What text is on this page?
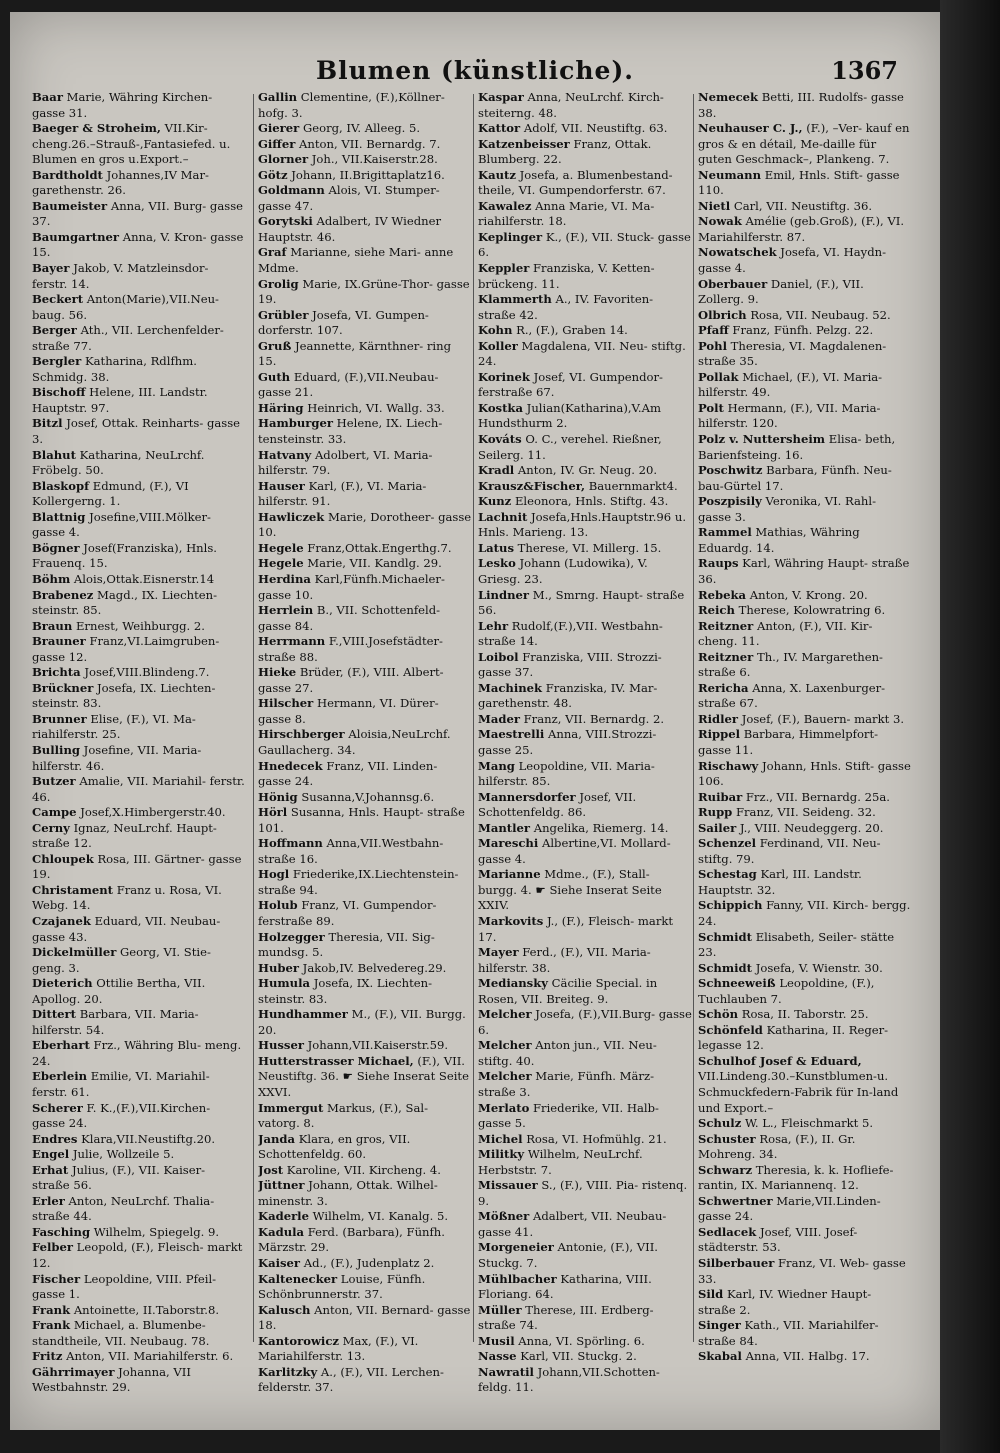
Blumen (künstliche).	1367
Baar Marie, Währing Kirchen- gasse 31.
Baeger & Stroheim, VII.Kir- cheng.26.–Strauß-,Fantasiefed. u. Blumen en gros u.Export.–
Bardtholdt Johannes,IV Mar- garethenstr. 26.
Baumeister Anna, VII. Burg- gasse 37.
Baumgartner Anna, V. Kron- gasse 15.
Bayer Jakob, V. Matzleinsdor- ferstr. 14.
Beckert Anton(Marie),VII.Neu- baug. 56.
Berger Ath., VII. Lerchenfelder- straße 77.
Bergler Katharina, Rdlfhm. Schmidg. 38.
Bischoff Helene, III. Landstr. Hauptstr. 97.
Bitzl Josef, Ottak. Reinharts- gasse 3.
Blahut Katharina, NeuLrchf. Fröbelg. 50.
Blaskopf Edmund, (F.), VI Kollergerng. 1.
Blattnig Josefine,VIII.Mölker- gasse 4.
Bögner Josef(Franziska), Hnls. Frauenq. 15.
Böhm Alois,Ottak.Eisnerstr.14
Brabenez Magd., IX. Liechten- steinstr. 85.
Braun Ernest, Weihburgg. 2.
Brauner Franz,VI.Laimgruben- gasse 12.
Brichta Josef,VIII.Blindeng.7.
Brückner Josefa, IX. Liechten- steinstr. 83.
Brunner Elise, (F.), VI. Ma- riahilferstr. 25.
Bulling Josefine, VII. Maria- hilferstr. 46.
Butzer Amalie, VII. Mariahil- ferstr. 46.
Campe Josef,X.Himbergerstr.40.
Cerny Ignaz, NeuLrchf. Haupt- straße 12.
Chloupek Rosa, III. Gärtner- gasse 19.
Christament Franz u. Rosa, VI. Webg. 14.
Czajanek Eduard, VII. Neubau- gasse 43.
Dickelmüller Georg, VI. Stie- geng. 3.
Dieterich Ottilie Bertha, VII. Apollog. 20.
Dittert Barbara, VII. Maria- hilferstr. 54.
Eberhart Frz., Währing Blu- meng. 24.
Eberlein Emilie, VI. Mariahil- ferstr. 61.
Scherer F. K.,(F.),VII.Kirchen- gasse 24.
Endres Klara,VII.Neustiftg.20.
Engel Julie, Wollzeile 5.
Erhat Julius, (F.), VII. Kaiser- straße 56.
Erler Anton, NeuLrchf. Thalia- straße 44.
Fasching Wilhelm, Spiegelg. 9.
Felber Leopold, (F.), Fleisch- markt 12.
Fischer Leopoldine, VIII. Pfeil- gasse 1.
Frank Antoinette, II.Taborstr.8.
Frank Michael, a. Blumenbe- standtheile, VII. Neubaug. 78.
Fritz Anton, VII. Mariahilferstr. 6.
Gährrimayer Johanna, VII Westbahnstr. 29.
Gallin Clementine, (F.),Köllner- hofg. 3.
Gierer Georg, IV. Alleeg. 5.
Giffer Anton, VII. Bernardg. 7.
Glorner Joh., VII.Kaiserstr.28.
Götz Johann, II.Brigittaplatz16.
Goldmann Alois, VI. Stumper- gasse 47.
Gorytski Adalbert, IV Wiedner Hauptstr. 46.
Graf Marianne, siehe Mari- anne Mdme.
Grolig Marie, IX.Grüne-Thor- gasse 19.
Grübler Josefa, VI. Gumpen- dorferstr. 107.
Gruß Jeannette, Kärnthner- ring 15.
Guth Eduard, (F.),VII.Neubau- gasse 21.
Häring Heinrich, VI. Wallg. 33.
Hamburger Helene, IX. Liech- tensteinstr. 33.
Hatvany Adolbert, VI. Maria- hilferstr. 79.
Hauser Karl, (F.), VI. Maria- hilferstr. 91.
Hawliczek Marie, Dorotheer- gasse 10.
Hegele Franz,Ottak.Engerthg.7.
Hegele Marie, VII. Kandlg. 29.
Herdina Karl,Fünfh.Michaeler- gasse 10.
Herrlein B., VII. Schottenfeld- gasse 84.
Herrmann F.,VIII.Josefstädter- straße 88.
Hieke Brüder, (F.), VIII. Albert- gasse 27.
Hilscher Hermann, VI. Dürer- gasse 8.
Hirschberger Aloisia,NeuLrchf. Gaullacherg. 34.
Hnedecek Franz, VII. Linden- gasse 24.
Hönig Susanna,V.Johannsg.6.
Hörl Susanna, Hnls. Haupt- straße 101.
Hoffmann Anna,VII.Westbahn- straße 16.
Hogl Friederike,IX.Liechtenstein- straße 94.
Holub Franz, VI. Gumpendor- ferstraße 89.
Holzegger Theresia, VII. Sig- mundsg. 5.
Huber Jakob,IV. Belvedereg.29.
Humula Josefa, IX. Liechten- steinstr. 83.
Hundhammer M., (F.), VII. Burgg. 20.
Husser Johann,VII.Kaiserstr.59.
Hutterstrasser Michael, (F.), VII. Neustiftg. 36. ☛ Siehe Inserat Seite XXVI.
Immergut Markus, (F.), Sal- vatorg. 8.
Janda Klara, en gros, VII. Schottenfeldg. 60.
Jost Karoline, VII. Kircheng. 4.
Jüttner Johann, Ottak. Wilhel- minenstr. 3.
Kaderle Wilhelm, VI. Kanalg. 5.
Kadula Ferd. (Barbara), Fünfh. Märzstr. 29.
Kaiser Ad., (F.), Judenplatz 2.
Kaltenecker Louise, Fünfh. Schönbrunnerstr. 37.
Kalusch Anton, VII. Bernard- gasse 18.
Kantorowicz Max, (F.), VI. Mariahilferstr. 13.
Karlitzky A., (F.), VII. Lerchen- felderstr. 37.
Kaspar Anna, NeuLrchf. Kirch- steiterng. 48.
Kattor Adolf, VII. Neustiftg. 63.
Katzenbeisser Franz, Ottak. Blumberg. 22.
Kautz Josefa, a. Blumenbestand- theile, VI. Gumpendorferstr. 67.
Kawalez Anna Marie, VI. Ma- riahilferstr. 18.
Keplinger K., (F.), VII. Stuck- gasse 6.
Keppler Franziska, V. Ketten- brückeng. 11.
Klammerth A., IV. Favoriten- straße 42.
Kohn R., (F.), Graben 14.
Koller Magdalena, VII. Neu- stiftg. 24.
Korinek Josef, VI. Gumpendor- ferstraße 67.
Kostka Julian(Katharina),V.Am Hundsthurm 2.
Kováts O. C., verehel. Rießner, Seilerg. 11.
Kradl Anton, IV. Gr. Neug. 20.
Krausz&Fischer, Bauernmarkt4.
Kunz Eleonora, Hnls. Stiftg. 43.
Lachnit Josefa,Hnls.Hauptstr.96 u. Hnls. Marieng. 13.
Latus Therese, VI. Millerg. 15.
Lesko Johann (Ludowika), V. Griesg. 23.
Lindner M., Smrng. Haupt- straße 56.
Lehr Rudolf,(F.),VII. Westbahn- straße 14.
Loibol Franziska, VIII. Strozzi- gasse 37.
Machinek Franziska, IV. Mar- garethenstr. 48.
Mader Franz, VII. Bernardg. 2.
Maestrelli Anna, VIII.Strozzi- gasse 25.
Mang Leopoldine, VII. Maria- hilferstr. 85.
Mannersdorfer Josef, VII. Schottenfeldg. 86.
Mantler Angelika, Riemerg. 14.
Mareschi Albertine,VI. Mollard- gasse 4.
Marianne Mdme., (F.), Stall- burgg. 4. ☛ Siehe Inserat Seite XXIV.
Markovits J., (F.), Fleisch- markt 17.
Mayer Ferd., (F.), VII. Maria- hilferstr. 38.
Mediansky Cäcilie Special. in Rosen, VII. Breiteg. 9.
Melcher Josefa, (F.),VII.Burg- gasse 6.
Melcher Anton jun., VII. Neu- stiftg. 40.
Melcher Marie, Fünfh. März- straße 3.
Merlato Friederike, VII. Halb- gasse 5.
Michel Rosa, VI. Hofmühlg. 21.
Militky Wilhelm, NeuLrchf. Herbststr. 7.
Missauer S., (F.), VIII. Pia- ristenq. 9.
Mößner Adalbert, VII. Neubau- gasse 41.
Morgeneier Antonie, (F.), VII. Stuckg. 7.
Mühlbacher Katharina, VIII. Floriang. 64.
Müller Therese, III. Erdberg- straße 74.
Musil Anna, VI. Spörling. 6.
Nasse Karl, VII. Stuckg. 2.
Nawratil Johann,VII.Schotten- feldg. 11.
Nemecek Betti, III. Rudolfs- gasse 38.
Neuhauser C. J., (F.), –Ver- kauf en gros & en détail, Me-daille für guten Geschmack–, Plankeng. 7.
Neumann Emil, Hnls. Stift- gasse 110.
Nietl Carl, VII. Neustiftg. 36.
Nowak Amélie (geb.Groß), (F.), VI. Mariahilferstr. 87.
Nowatschek Josefa, VI. Haydn- gasse 4.
Oberbauer Daniel, (F.), VII. Zollerg. 9.
Olbrich Rosa, VII. Neubaug. 52.
Pfaff Franz, Fünfh. Pelzg. 22.
Pohl Theresia, VI. Magdalenen- straße 35.
Pollak Michael, (F.), VI. Maria- hilferstr. 49.
Polt Hermann, (F.), VII. Maria- hilferstr. 120.
Polz v. Nuttersheim Elisa- beth, Barienfsteing. 16.
Poschwitz Barbara, Fünfh. Neu- bau-Gürtel 17.
Poszpisily Veronika, VI. Rahl- gasse 3.
Rammel Mathias, Währing Eduardg. 14.
Raups Karl, Währing Haupt- straße 36.
Rebeka Anton, V. Krong. 20.
Reich Therese, Kolowratring 6.
Reitzner Anton, (F.), VII. Kir- cheng. 11.
Reitzner Th., IV. Margarethen- straße 6.
Rericha Anna, X. Laxenburger- straße 67.
Ridler Josef, (F.), Bauern- markt 3.
Rippel Barbara, Himmelpfort- gasse 11.
Rischawy Johann, Hnls. Stift- gasse 106.
Ruibar Frz., VII. Bernardg. 25a.
Rupp Franz, VII. Seideng. 32.
Sailer J., VIII. Neudeggerg. 20.
Schenzel Ferdinand, VII. Neu- stiftg. 79.
Schestag Karl, III. Landstr. Hauptstr. 32.
Schippich Fanny, VII. Kirch- bergg. 24.
Schmidt Elisabeth, Seiler- stätte 23.
Schmidt Josefa, V. Wienstr. 30.
Schneeweiß Leopoldine, (F.), Tuchlauben 7.
Schön Rosa, II. Taborstr. 25.
Schönfeld Katharina, II. Reger- legasse 12.
Schulhof Josef & Eduard, VII.Lindeng.30.–Kunstblumen-u. Schmuckfedern-Fabrik für In-land und Export.–
Schulz W. L., Fleischmarkt 5.
Schuster Rosa, (F.), II. Gr. Mohreng. 34.
Schwarz Theresia, k. k. Hofliefe- rantin, IX. Mariannenq. 12.
Schwertner Marie,VII.Linden- gasse 24.
Sedlacek Josef, VIII. Josef- städterstr. 53.
Silberbauer Franz, VI. Web- gasse 33.
Sild Karl, IV. Wiedner Haupt- straße 2.
Singer Kath., VII. Mariahilfer- straße 84.
Skabal Anna, VII. Halbg. 17.
